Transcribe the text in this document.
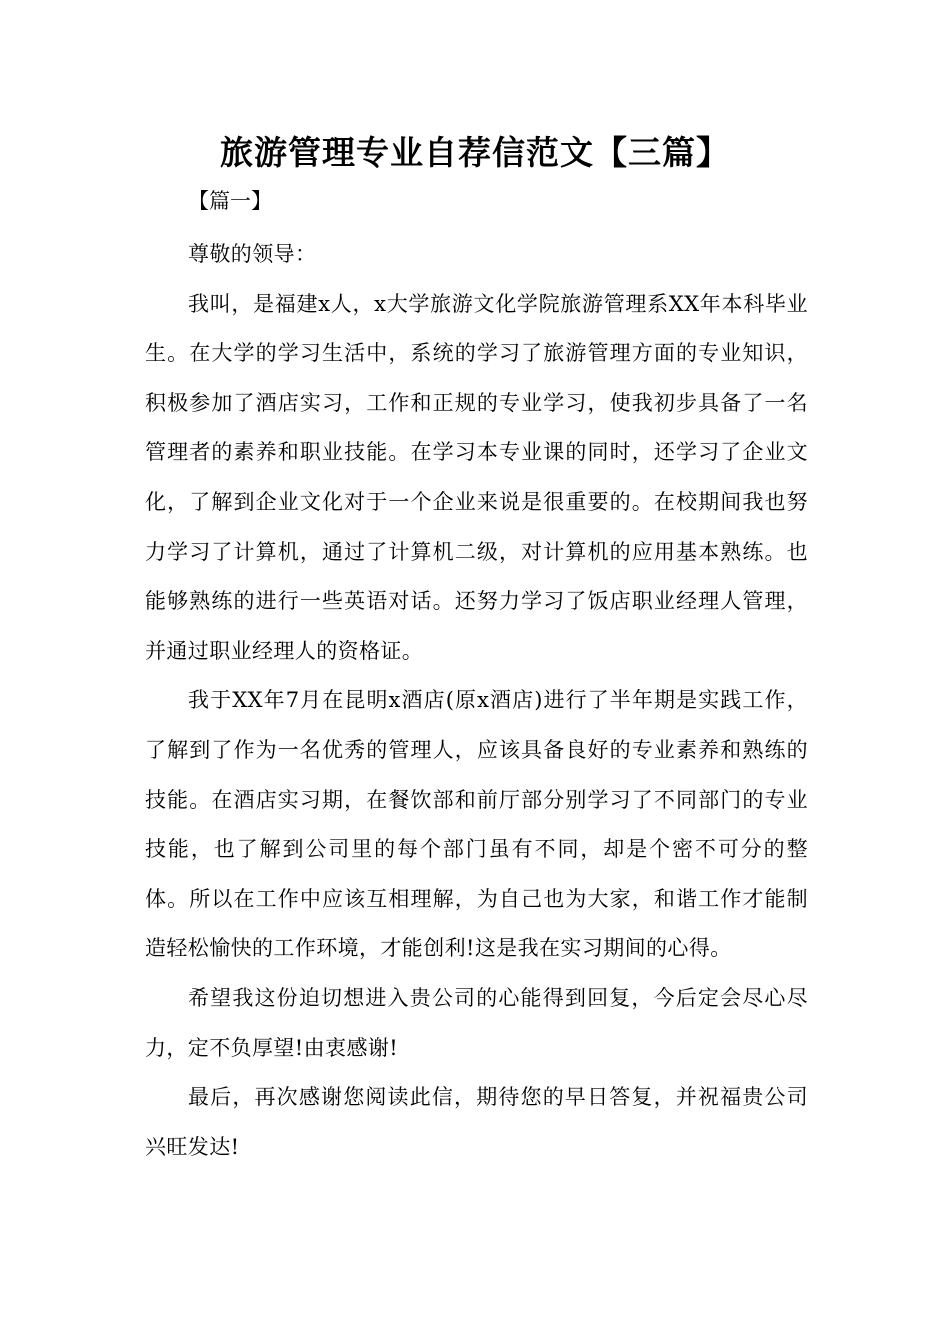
旅游管理专业自荐信范文【三篇】

【篇一】

尊敬的领导：

我叫，是福建x人，x大学旅游文化学院旅游管理系XX年本科毕业生。在大学的学习生活中，系统的学习了旅游管理方面的专业知识，积极参加了酒店实习，工作和正规的专业学习，使我初步具备了一名管理者的素养和职业技能。在学习本专业课的同时，还学习了企业文化，了解到企业文化对于一个企业来说是很重要的。在校期间我也努力学习了计算机，通过了计算机二级，对计算机的应用基本熟练。也能够熟练的进行一些英语对话。还努力学习了饭店职业经理人管理，并通过职业经理人的资格证。

我于XX年7月在昆明x酒店(原x酒店)进行了半年期是实践工作，了解到了作为一名优秀的管理人，应该具备良好的专业素养和熟练的技能。在酒店实习期，在餐饮部和前厅部分别学习了不同部门的专业技能，也了解到公司里的每个部门虽有不同，却是个密不可分的整体。所以在工作中应该互相理解，为自己也为大家，和谐工作才能制造轻松愉快的工作环境，才能创利!这是我在实习期间的心得。

希望我这份迫切想进入贵公司的心能得到回复，今后定会尽心尽力，定不负厚望!由衷感谢!

最后，再次感谢您阅读此信，期待您的早日答复，并祝福贵公司兴旺发达!
